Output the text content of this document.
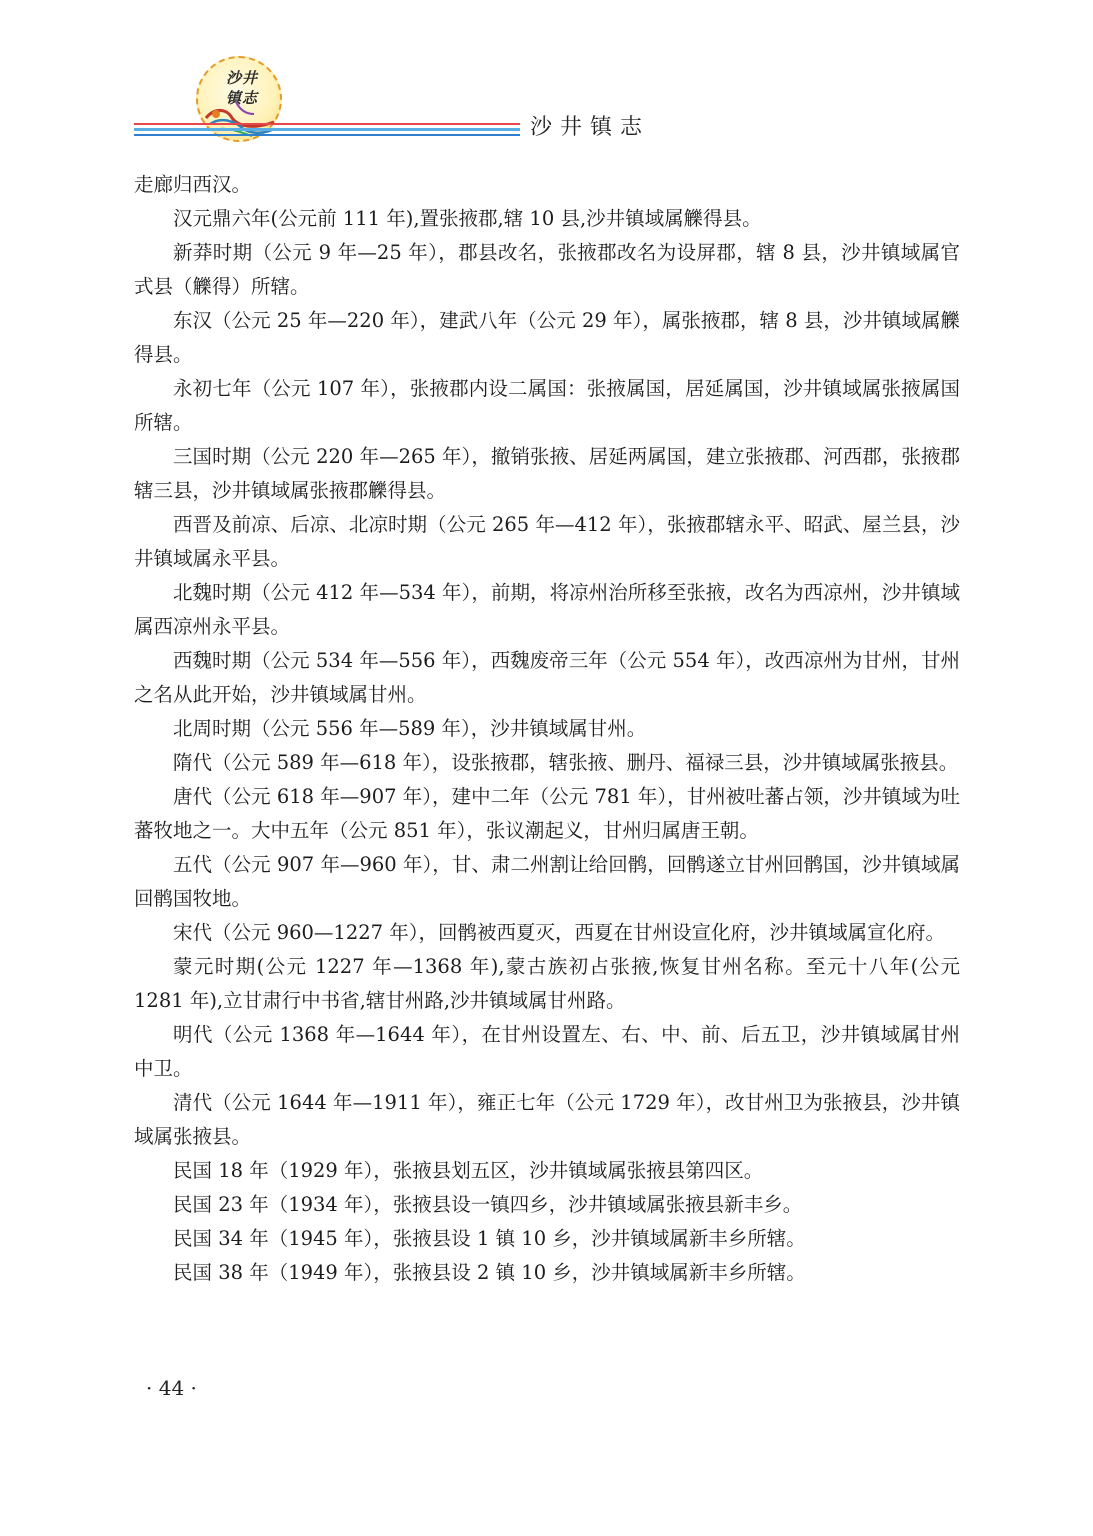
沙井镇志
沙井镇志

走廊归西汉。

汉元鼎六年(公元前 111 年),置张掖郡,辖 10 县,沙井镇域属觻得县。

新莽时期（公元 9 年—25 年），郡县改名，张掖郡改名为设屏郡，辖 8 县，沙井镇域属官式县（觻得）所辖。

东汉（公元 25 年—220 年），建武八年（公元 29 年），属张掖郡，辖 8 县，沙井镇域属觻得县。

永初七年（公元 107 年），张掖郡内设二属国：张掖属国，居延属国，沙井镇域属张掖属国所辖。

三国时期（公元 220 年—265 年），撤销张掖、居延两属国，建立张掖郡、河西郡，张掖郡辖三县，沙井镇域属张掖郡觻得县。

西晋及前凉、后凉、北凉时期（公元 265 年—412 年），张掖郡辖永平、昭武、屋兰县，沙井镇域属永平县。

北魏时期（公元 412 年—534 年），前期，将凉州治所移至张掖，改名为西凉州，沙井镇域属西凉州永平县。

西魏时期（公元 534 年—556 年），西魏废帝三年（公元 554 年），改西凉州为甘州，甘州之名从此开始，沙井镇域属甘州。

北周时期（公元 556 年—589 年），沙井镇域属甘州。

隋代（公元 589 年—618 年），设张掖郡，辖张掖、删丹、福禄三县，沙井镇域属张掖县。

唐代（公元 618 年—907 年），建中二年（公元 781 年），甘州被吐蕃占领，沙井镇域为吐蕃牧地之一。大中五年（公元 851 年），张议潮起义，甘州归属唐王朝。

五代（公元 907 年—960 年），甘、肃二州割让给回鹘，回鹘遂立甘州回鹘国，沙井镇域属回鹘国牧地。

宋代（公元 960—1227 年），回鹘被西夏灭，西夏在甘州设宣化府，沙井镇域属宣化府。

蒙元时期(公元 1227 年—1368 年),蒙古族初占张掖,恢复甘州名称。至元十八年(公元 1281 年),立甘肃行中书省,辖甘州路,沙井镇域属甘州路。

明代（公元 1368 年—1644 年），在甘州设置左、右、中、前、后五卫，沙井镇域属甘州中卫。

清代（公元 1644 年—1911 年），雍正七年（公元 1729 年），改甘州卫为张掖县，沙井镇域属张掖县。

民国 18 年（1929 年），张掖县划五区，沙井镇域属张掖县第四区。

民国 23 年（1934 年），张掖县设一镇四乡，沙井镇域属张掖县新丰乡。

民国 34 年（1945 年），张掖县设 1 镇 10 乡，沙井镇域属新丰乡所辖。

民国 38 年（1949 年），张掖县设 2 镇 10 乡，沙井镇域属新丰乡所辖。

· 44 ·
